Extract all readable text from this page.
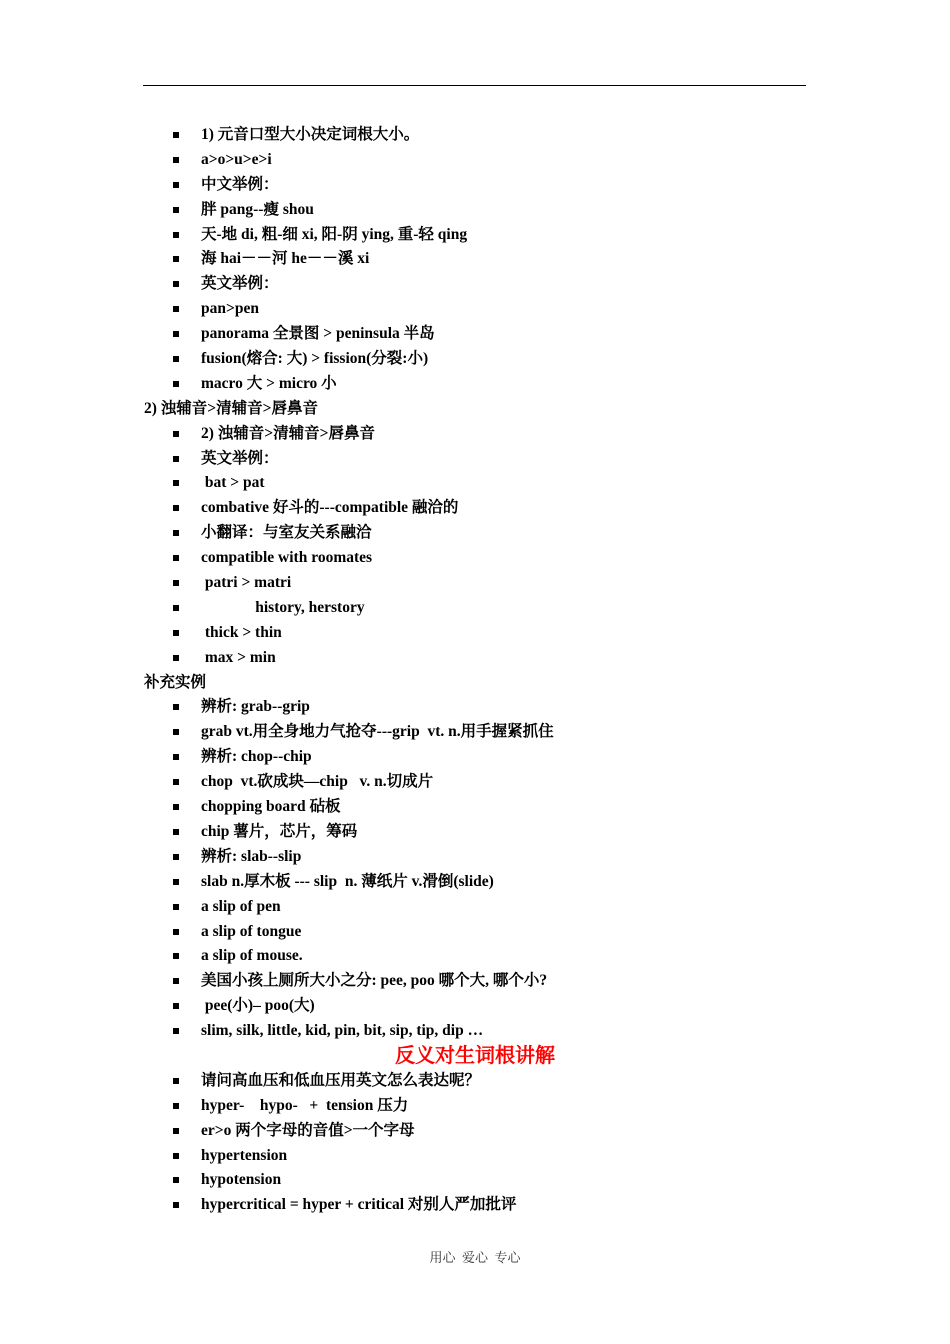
1) 元音口型大小决定词根大小。
a>o>u>e>i
中文举例：
胖 pang--瘦 shou
天-地 di, 粗-细 xi, 阳-阴 ying, 重-轻 qing
海 hai－－河 he－－溪 xi
英文举例：
pan>pen
panorama 全景图 > peninsula 半岛
fusion(熔合: 大) > fission(分裂:小)
macro 大 > micro 小
2) 浊辅音>清辅音>唇鼻音
2) 浊辅音>清辅音>唇鼻音
英文举例：
bat > pat
combative 好斗的---compatible 融洽的
小翻译：与室友关系融洽
compatible with roomates
patri > matri
history, herstory
thick > thin
max > min
补充实例
辨析: grab--grip
grab vt.用全身地力气抢夺---grip  vt. n.用手握紧抓住
辨析: chop--chip
chop  vt.砍成块—chip   v. n.切成片
chopping board 砧板
chip 薯片，芯片，筹码
辨析: slab--slip
slab n.厚木板 --- slip  n. 薄纸片 v.滑倒(slide)
a slip of pen
a slip of tongue
a slip of mouse.
美国小孩上厕所大小之分: pee, poo 哪个大, 哪个小?
pee(小)– poo(大)
slim, silk, little, kid, pin, bit, sip, tip, dip …
反义对生词根讲解
请问高血压和低血压用英文怎么表达呢？
hyper-    hypo-   +  tension 压力
er>o 两个字母的音值>一个字母
hypertension
hypotension
hypercritical = hyper + critical 对别人严加批评
用心  爱心  专心
